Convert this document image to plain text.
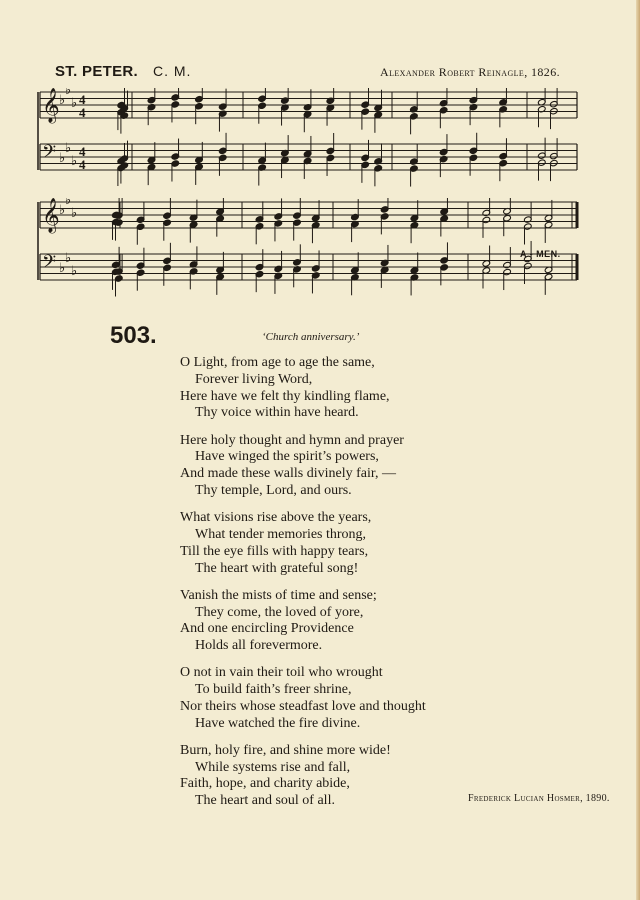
ST. PETER. C. M.	Alexander Robert Reinagle, 1826.
𝄞 ♭
♭
♭ 4
4
𝄢 ♭
♭
♭
4
4
𝄞 ♭
♭
♭
𝄢 ♭
♭
♭
A - MEN.
503.	‘Church anniversary.’
O Light, from age to age the same,
Forever living Word,
Here have we felt thy kindling flame,
Thy voice within have heard.
Here holy thought and hymn and prayer
Have winged the spirit’s powers,
And made these walls divinely fair, —
Thy temple, Lord, and ours.
What visions rise above the years,
What tender memories throng,
Till the eye fills with happy tears,
The heart with grateful song!
Vanish the mists of time and sense;
They come, the loved of yore,
And one encircling Providence
Holds all forevermore.
O not in vain their toil who wrought
To build faith’s freer shrine,
Nor theirs whose steadfast love and thought
Have watched the fire divine.
Burn, holy fire, and shine more wide!
While systems rise and fall,
Faith, hope, and charity abide,
The heart and soul of all.	Frederick Lucian Hosmer, 1890.
